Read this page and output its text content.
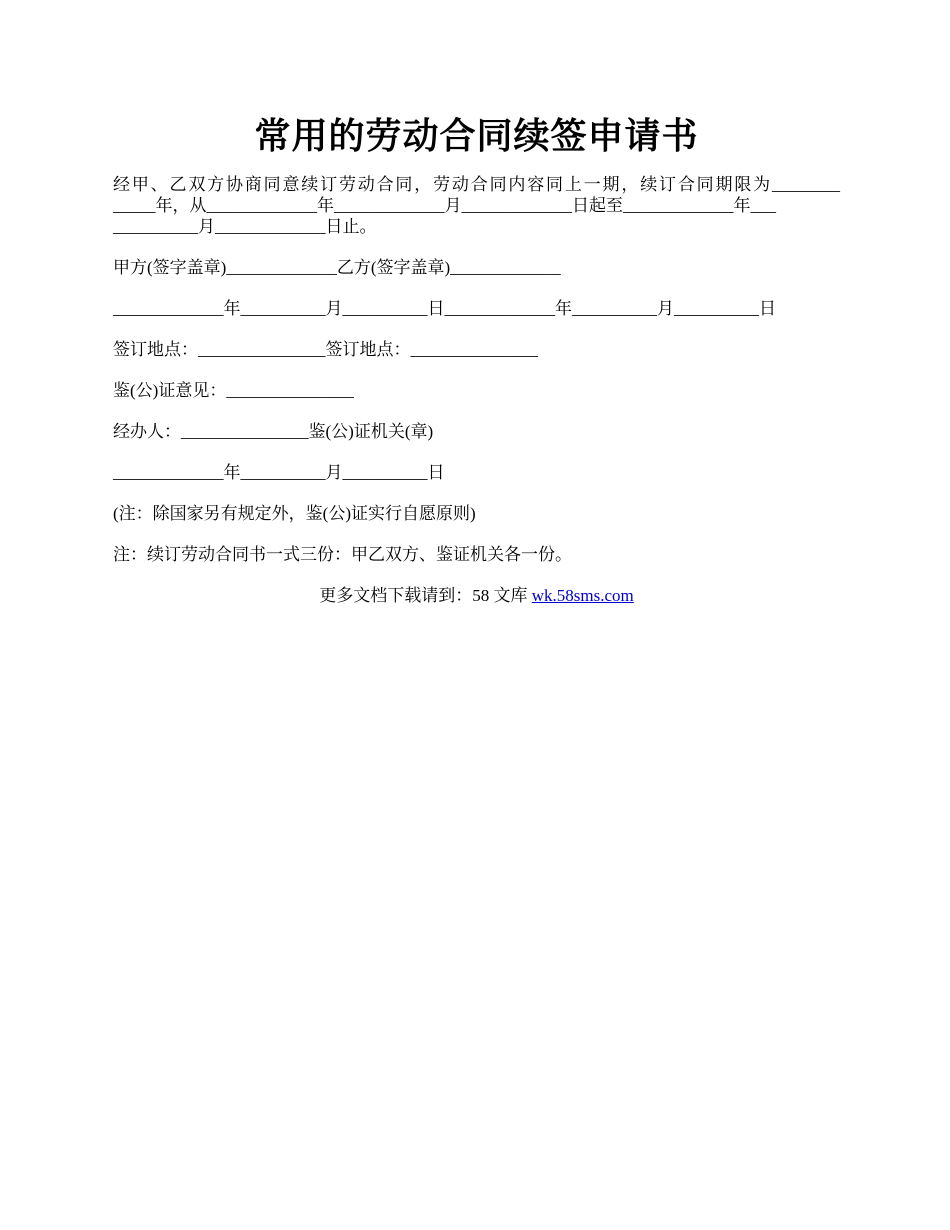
常用的劳动合同续签申请书

经甲、乙双方协商同意续订劳动合同，劳动合同内容同上一期，续订合同期限为________

_____年，从_____________年_____________月_____________日起至_____________年___

__________月_____________日止。

甲方(签字盖章)_____________乙方(签字盖章)_____________

_____________年__________月__________日_____________年__________月__________日

签订地点：_______________签订地点：_______________

鉴(公)证意见：_______________

经办人：_______________鉴(公)证机关(章)

_____________年__________月__________日

(注：除国家另有规定外，鉴(公)证实行自愿原则)

注：续订劳动合同书一式三份：甲乙双方、鉴证机关各一份。

更多文档下载请到：58 文库 wk.58sms.com
